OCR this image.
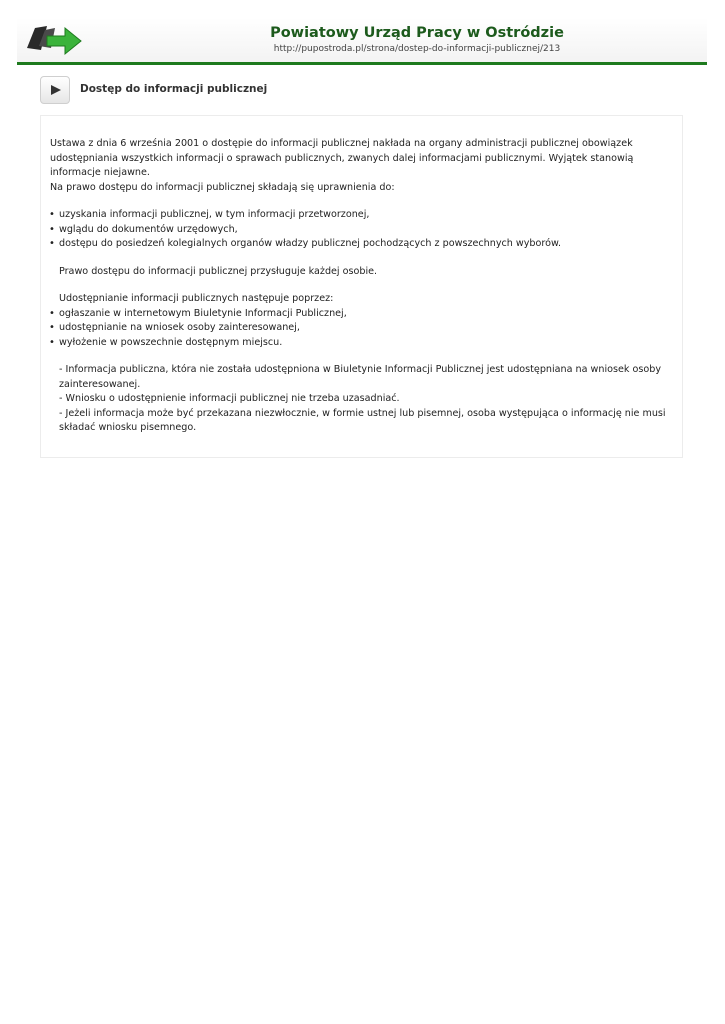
Powiatowy Urząd Pracy w Ostródzie
http://pupostroda.pl/strona/dostep-do-informacji-publicznej/213
Dostęp do informacji publicznej

Ustawa z dnia 6 września 2001 o dostępie do informacji publicznej nakłada na organy administracji publicznej obowiązek udostępniania wszystkich informacji o sprawach publicznych, zwanych dalej informacjami publicznymi. Wyjątek stanowią informacje niejawne.

Na prawo dostępu do informacji publicznej składają się uprawnienia do:

• uzyskania informacji publicznej, w tym informacji przetworzonej,
• wglądu do dokumentów urzędowych,
• dostępu do posiedzeń kolegialnych organów władzy publicznej pochodzących z powszechnych wyborów.

Prawo dostępu do informacji publicznej przysługuje każdej osobie.

Udostępnianie informacji publicznych następuje poprzez:

• ogłaszanie w internetowym Biuletynie Informacji Publicznej,
• udostępnianie na wniosek osoby zainteresowanej,
• wyłożenie w powszechnie dostępnym miejscu.

- Informacja publiczna, która nie została udostępniona w Biuletynie Informacji Publicznej jest udostępniana na wniosek osoby zainteresowanej.

- Wniosku o udostępnienie informacji publicznej nie trzeba uzasadniać.

- Jeżeli informacja może być przekazana niezwłocznie, w formie ustnej lub pisemnej, osoba występująca o informację nie musi składać wniosku pisemnego.
